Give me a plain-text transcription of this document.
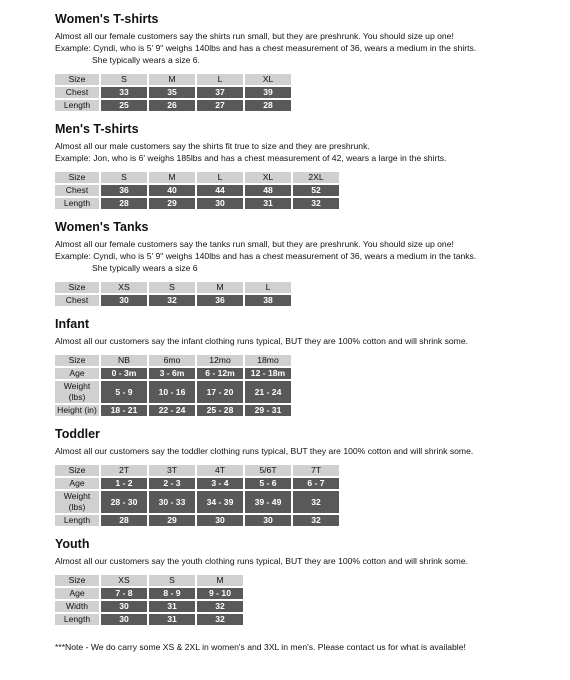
Women's T-shirts

Almost all our female customers say the shirts run small, but they are preshrunk. You should size up one!

Example: Cyndi, who is 5' 9" weighs 140lbs and has a chest measurement of 36, wears a medium in the shirts.

She typically wears a size 6.

Size	S	M	L	XL
Chest	33	35	37	39
Length	25	26	27	28
Men's T-shirts

Almost all our male customers say the shirts fit true to size and they are preshrunk.

Example: Jon, who is 6' weighs 185lbs and has a chest measurement of 42, wears a large in the shirts.

Size	S	M	L	XL	2XL
Chest	36	40	44	48	52
Length	28	29	30	31	32
Women's Tanks

Almost all our female customers say the tanks run small, but they are preshrunk. You should size up one!

Example: Cyndi, who is 5' 9" weighs 140lbs and has a chest measurement of 36, wears a medium in the tanks.

She typically wears a size 6

Size	XS	S	M	L
Chest	30	32	36	38
Infant

Almost all our customers say the infant clothing runs typical, BUT they are 100% cotton and will shrink some.

Size	NB	6mo	12mo	18mo
Age	0 - 3m	3 - 6m	6 - 12m	12 - 18m
Weight (lbs)	5 - 9	10 - 16	17 - 20	21 - 24
Height (in)	18 - 21	22 - 24	25 - 28	29 - 31
Toddler

Almost all our customers say the toddler clothing runs typical, BUT they are 100% cotton and will shrink some.

Size	2T	3T	4T	5/6T	7T
Age	1 - 2	2 - 3	3 - 4	5 - 6	6 - 7
Weight (lbs)	28 - 30	30 - 33	34 - 39	39 - 49	32
Length	28	29	30	30	32
Youth

Almost all our customers say the youth clothing runs typical, BUT they are 100% cotton and will shrink some.

Size	XS	S	M
Age	7 - 8	8 - 9	9 - 10
Width	30	31	32
Length	30	31	32
***Note - We do carry some XS & 2XL in women's and 3XL in men's. Please contact us for what is available!
